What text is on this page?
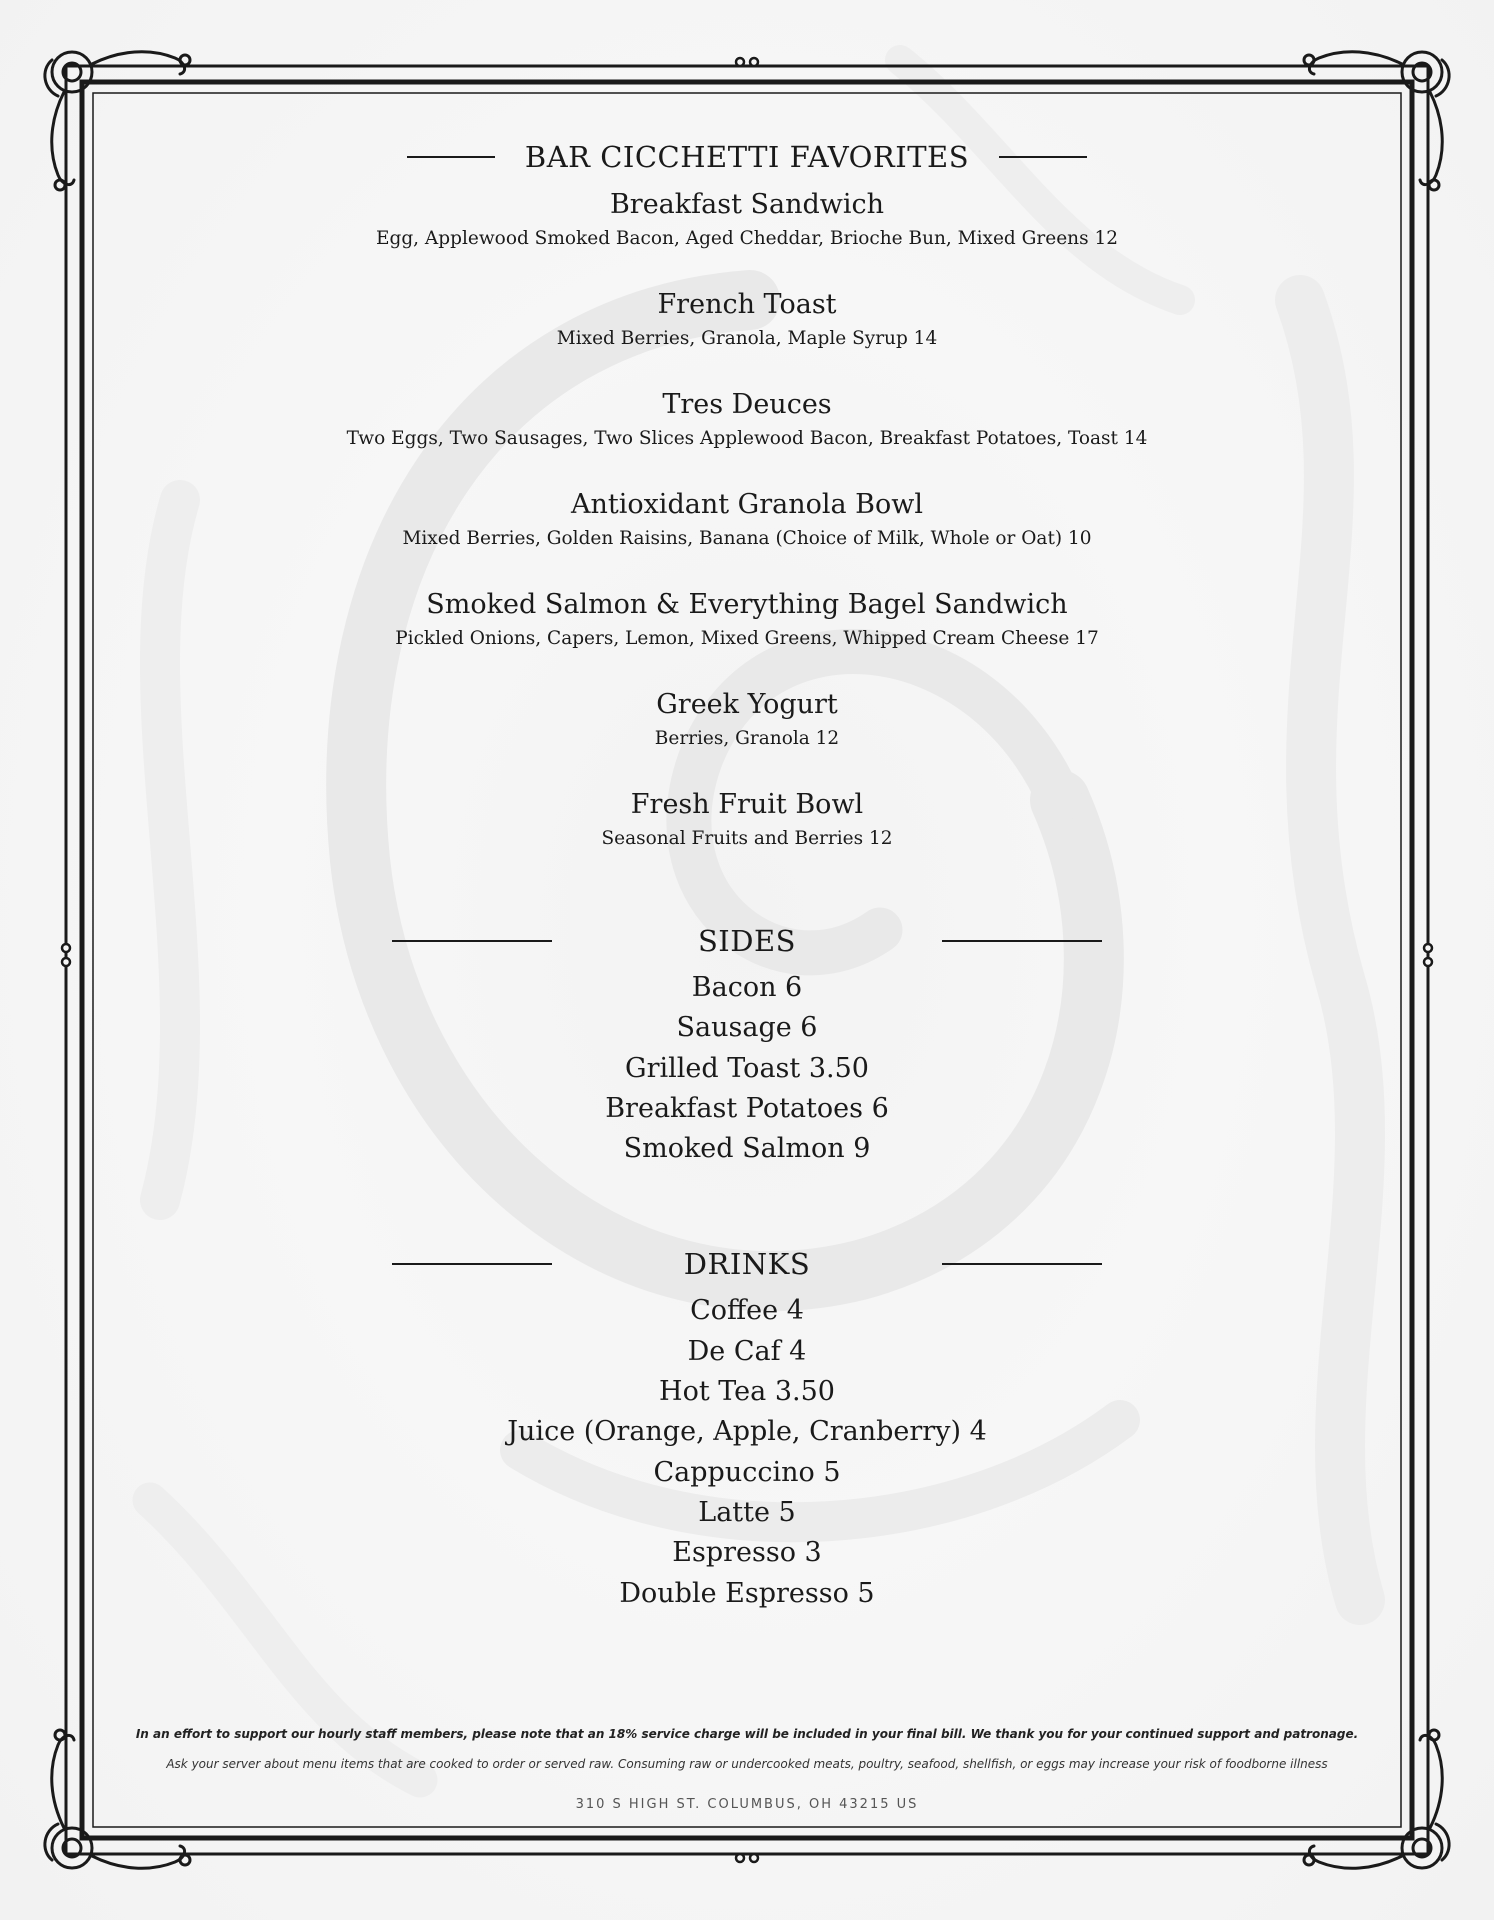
BAR CICCHETTI FAVORITES
Breakfast Sandwich
Egg, Applewood Smoked Bacon, Aged Cheddar, Brioche Bun, Mixed Greens 12
French Toast
Mixed Berries, Granola, Maple Syrup 14
Tres Deuces
Two Eggs, Two Sausages, Two Slices Applewood Bacon, Breakfast Potatoes, Toast 14
Antioxidant Granola Bowl
Mixed Berries, Golden Raisins, Banana (Choice of Milk, Whole or Oat) 10
Smoked Salmon & Everything Bagel Sandwich
Pickled Onions, Capers, Lemon, Mixed Greens, Whipped Cream Cheese 17
Greek Yogurt
Berries, Granola 12
Fresh Fruit Bowl
Seasonal Fruits and Berries 12
SIDES
Bacon 6
Sausage 6
Grilled Toast 3.50
Breakfast Potatoes 6
Smoked Salmon 9
DRINKS
Coffee 4
De Caf 4
Hot Tea 3.50
Juice (Orange, Apple, Cranberry) 4
Cappuccino 5
Latte 5
Espresso 3
Double Espresso 5
In an effort to support our hourly staff members, please note that an 18% service charge will be included in your final bill. We thank you for your continued support and patronage.
Ask your server about menu items that are cooked to order or served raw. Consuming raw or undercooked meats, poultry, seafood, shellfish, or eggs may increase your risk of foodborne illness
310 S HIGH ST. COLUMBUS, OH 43215 US
